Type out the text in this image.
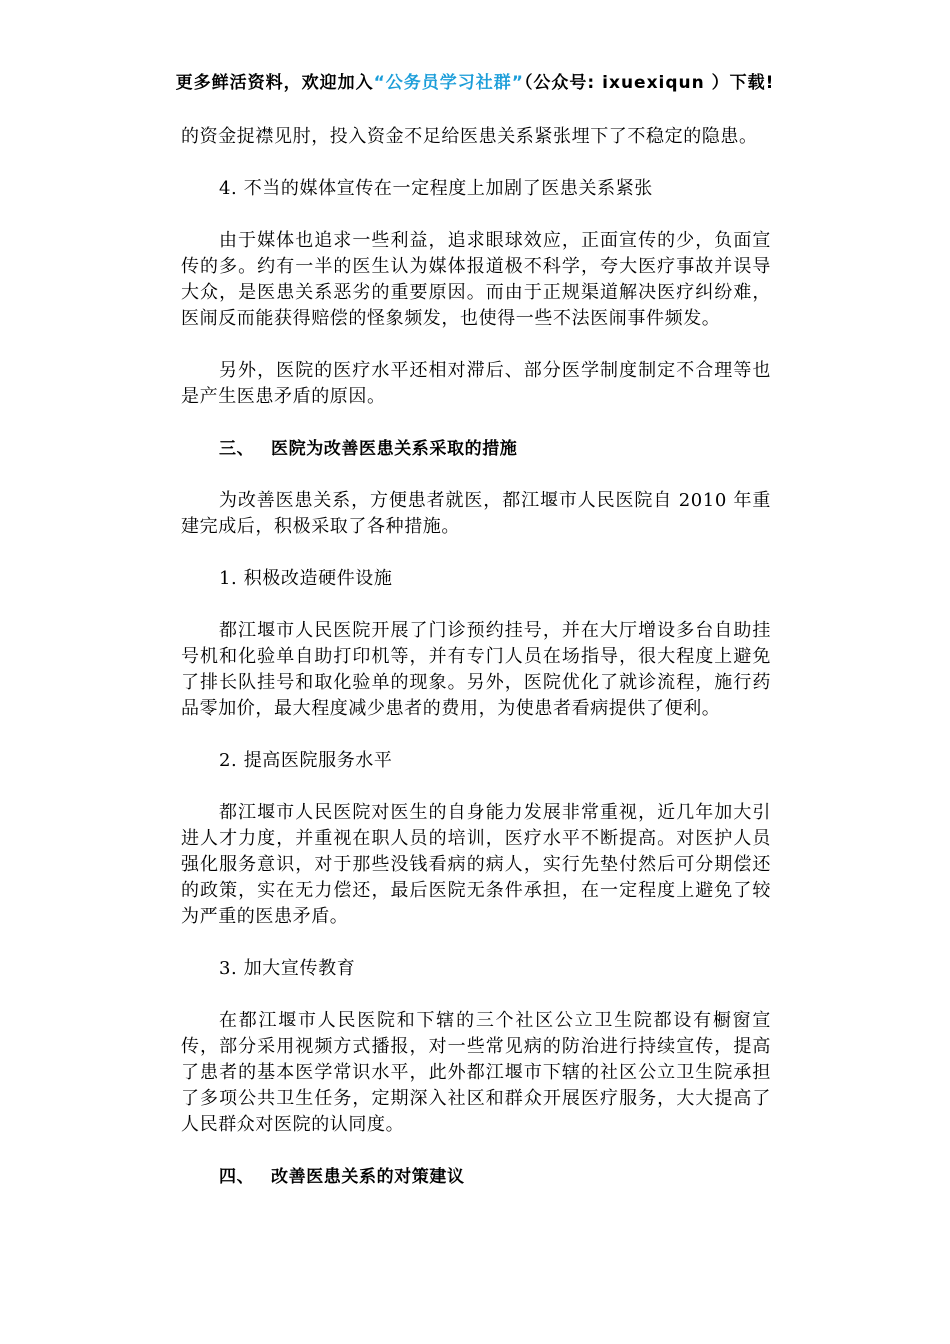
更多鲜活资料，欢迎加入“公务员学习社群”（公众号: ixuexiqun ）下载!

的资金捉襟见肘，投入资金不足给医患关系紧张埋下了不稳定的隐患。

4. 不当的媒体宣传在一定程度上加剧了医患关系紧张

由于媒体也追求一些利益，追求眼球效应，正面宣传的少，负面宣传的多。约有一半的医生认为媒体报道极不科学，夸大医疗事故并误导大众，是医患关系恶劣的重要原因。而由于正规渠道解决医疗纠纷难，医闹反而能获得赔偿的怪象频发，也使得一些不法医闹事件频发。

另外，医院的医疗水平还相对滞后、部分医学制度制定不合理等也是产生医患矛盾的原因。

三、 医院为改善医患关系采取的措施

为改善医患关系，方便患者就医，都江堰市人民医院自 2010 年重建完成后，积极采取了各种措施。

1. 积极改造硬件设施

都江堰市人民医院开展了门诊预约挂号，并在大厅增设多台自助挂号机和化验单自助打印机等，并有专门人员在场指导，很大程度上避免了排长队挂号和取化验单的现象。另外，医院优化了就诊流程，施行药品零加价，最大程度减少患者的费用，为使患者看病提供了便利。

2. 提高医院服务水平

都江堰市人民医院对医生的自身能力发展非常重视，近几年加大引进人才力度，并重视在职人员的培训，医疗水平不断提高。对医护人员强化服务意识，对于那些没钱看病的病人，实行先垫付然后可分期偿还的政策，实在无力偿还，最后医院无条件承担，在一定程度上避免了较为严重的医患矛盾。

3. 加大宣传教育

在都江堰市人民医院和下辖的三个社区公立卫生院都设有橱窗宣传，部分采用视频方式播报，对一些常见病的防治进行持续宣传，提高了患者的基本医学常识水平，此外都江堰市下辖的社区公立卫生院承担了多项公共卫生任务，定期深入社区和群众开展医疗服务，大大提高了人民群众对医院的认同度。

四、 改善医患关系的对策建议
